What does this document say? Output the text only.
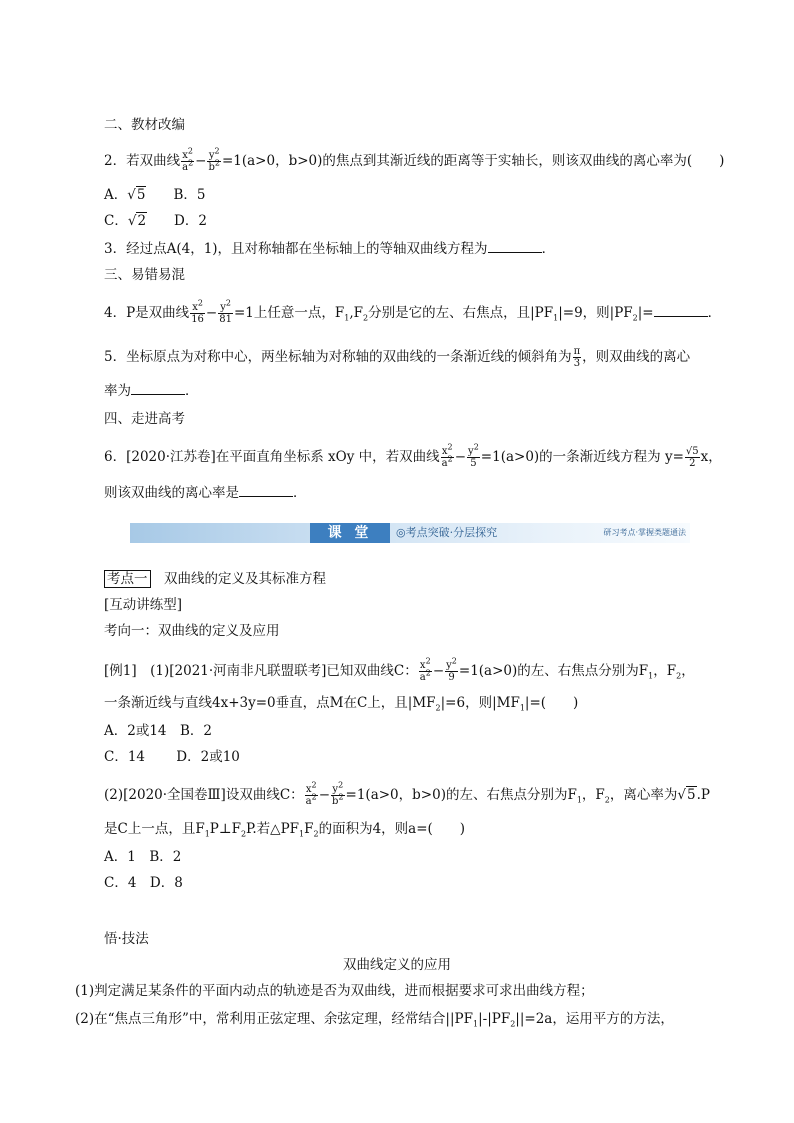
二、教材改编
2．若双曲线 $\frac{x^2}{a^2} - \frac{y^2}{b^2} =1(a>0$，b>0)的焦点到其渐近线的距离等于实轴长，则该双曲线的离心率为(　　)
A．√5　　 B．5
C．√2　　 D．2
3．经过点A(4，1)，且对称轴都在坐标轴上的等轴双曲线方程为	．
三、易错易混
4．P是双曲线 $\frac{x^2}{16} - \frac{y^2}{81} =1$上任意一点，$F_1,F_2$分别是它的左、右焦点，且$|PF_1|=9$，则$|PF_2|=$	．
5．坐标原点为对称中心，两坐标轴为对称轴的双曲线的一条渐近线的倾斜角为 $\frac{\pi}{3}$ ，则双曲线的离心
率为	．
四、走进高考
6．[2020·江苏卷]在平面直角坐标系 xOy 中，若双曲线 $\frac{x^2}{a^2} - \frac{y^2}{5} =1(a>0)$的一条渐近线方程为 $y= \frac{√5}{2}$ x，
则该双曲线的离心率是	．
课 堂	◎考点突破·分层探究	研习考点·掌握类题通法
考点一　双曲线的定义及其标准方程
[互动讲练型]
考向一：双曲线的定义及应用
[例1]　(1)[2021·河南非凡联盟联考]已知双曲线C： $\frac{x^2}{a^2} - \frac{y^2}{9} =1(a>0)$的左、右焦点分别为$F_1$，$F_2$，
一条渐近线与直线4x+3y=0垂直，点M在C上，且$|MF_2|=6$，则$|MF_1|=$(　　)
A．2或14　B．2
C．14　　 D．2或10
(2)[2020·全国卷Ⅲ]设双曲线C： $\frac{x^2}{a^2} - \frac{y^2}{b^2} =1(a>0$，b>0)的左、右焦点分别为$F_1$，$F_2$，离心率为√5.P
是C上一点，且$F_1P\perp F_2P$.若$\triangle PF_1F_2$的面积为4，则a=(　　)
A．1　B．2
C．4　D．8
悟·技法
双曲线定义的应用
(1)判定满足某条件的平面内动点的轨迹是否为双曲线，进而根据要求可求出曲线方程；
(2)在“焦点三角形”中，常利用正弦定理、余弦定理，经常结合$||PF_1|-|PF_2||=2a$，运用平方的方法，
